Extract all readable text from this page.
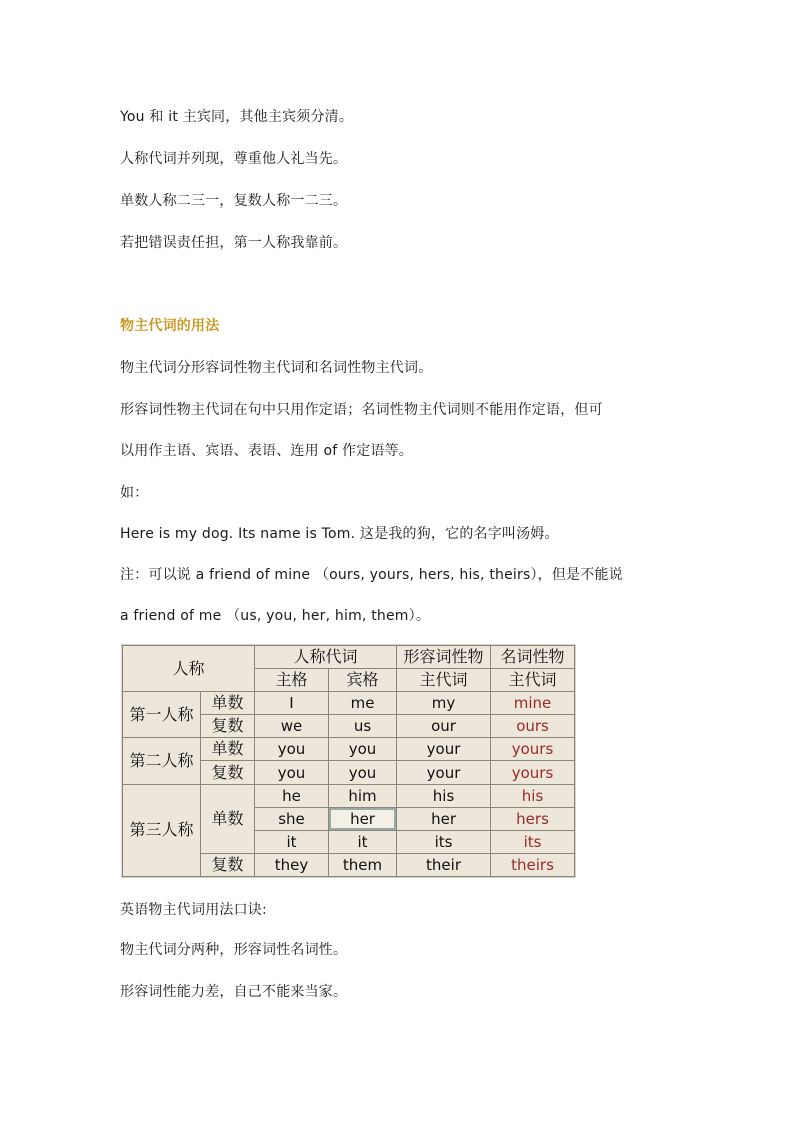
You 和 it 主宾同，其他主宾须分清。
人称代词并列现，尊重他人礼当先。
单数人称二三一，复数人称一二三。
若把错误责任担，第一人称我靠前。
物主代词的用法
物主代词分形容词性物主代词和名词性物主代词。
形容词性物主代词在句中只用作定语；名词性物主代词则不能用作定语，但可
以用作主语、宾语、表语、连用 of 作定语等。
如：
Here is my dog. Its name is Tom. 这是我的狗，它的名字叫汤姆。
注：可以说 a friend of mine （ours, yours, hers, his, theirs），但是不能说
a friend of me （us, you, her, him, them）。
人称		人称代词		形容词性物	名词性物
		主格	宾格	主代词	主代词
第一人称	单数	I	me	my	mine
	复数	we	us	our	ours
第二人称	单数	you	you	your	yours
	复数	you	you	your	yours
第三人称	单数	he	him	his	his
		she	her	her	hers
		it	it	its	its
	复数	they	them	their	theirs
英语物主代词用法口诀:
物主代词分两种，形容词性名词性。
形容词性能力差，自己不能来当家。
